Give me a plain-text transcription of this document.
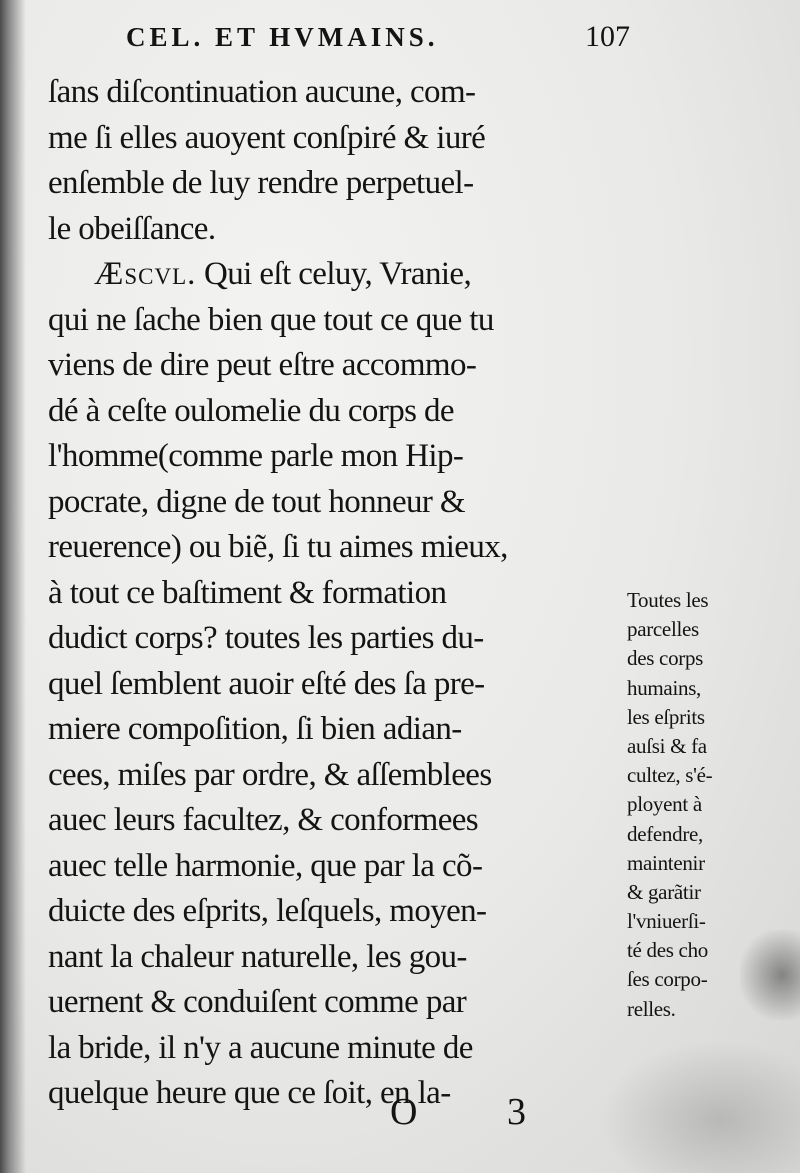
CEL. ET HVMAINS.	107
ſans diſcontinuation aucune, com-
me ſi elles auoyent conſpiré & iuré
enſemble de luy rendre perpetuel-
le obeiſſance.
Æscvl. Qui eſt celuy, Vranie,
qui ne ſache bien que tout ce que tu
viens de dire peut eſtre accommo-
dé à ceſte oulomelie du corps de
l'homme(comme parle mon Hip-
pocrate, digne de tout honneur &
reuerence) ou biẽ, ſi tu aimes mieux,
à tout ce baſtiment & formation
dudict corps? toutes les parties du-
quel ſemblent auoir eſté des ſa pre-
miere compoſition, ſi bien adian-
cees, miſes par ordre, & aſſemblees
auec leurs facultez, & conformees
auec telle harmonie, que par la cõ-
duicte des eſprits, leſquels, moyen-
nant la chaleur naturelle, les gou-
uernent & conduiſent comme par
la bride, il n'y a aucune minute de
quelque heure que ce ſoit, en la-
Toutes les
parcelles
des corps
humains,
les eſprits
auſsi & fa
cultez, s'é-
ployent à
defendre,
maintenir
& garãtir
l'vniuerſi-
té des cho
ſes corpo-
relles.
O 3
